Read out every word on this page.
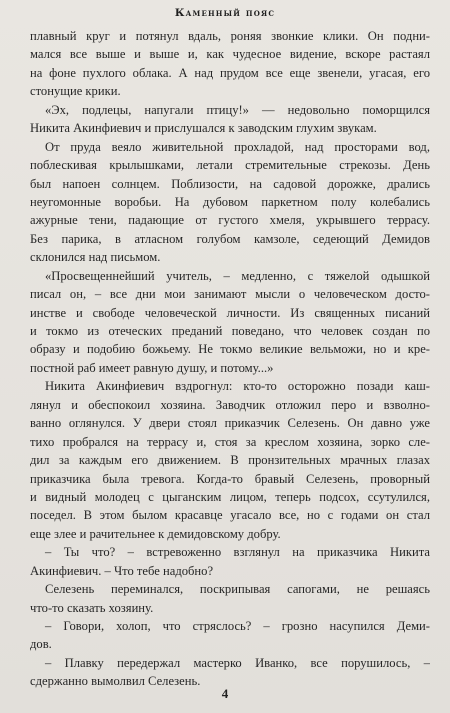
Каменный пояс
плавный круг и потянул вдаль, роняя звонкие клики. Он подни-
мался все выше и выше и, как чудесное видение, вскоре растаял
на фоне пухлого облака. А над прудом все еще звенели, угасая, его
стонущие крики.
«Эх, подлецы, напугали птицу!» — недовольно поморщился
Никита Акинфиевич и прислушался к заводским глухим звукам.
От пруда веяло живительной прохладой, над просторами вод,
поблескивая крылышками, летали стремительные стрекозы. День
был напоен солнцем. Поблизости, на садовой дорожке, дрались
неугомонные воробьи. На дубовом паркетном полу колебались
ажурные тени, падающие от густого хмеля, укрывшего террасу.
Без парика, в атласном голубом камзоле, седеющий Демидов
склонился над письмом.
«Просвещеннейший учитель, – медленно, с тяжелой одышкой
писал он, – все дни мои занимают мысли о человеческом досто-
инстве и свободе человеческой личности. Из священных писаний
и токмо из отеческих преданий поведано, что человек создан по
образу и подобию божьему. Не токмо великие вельможи, но и кре-
постной раб имеет равную душу, и потому...»
Никита Акинфиевич вздрогнул: кто-то осторожно позади каш-
лянул и обеспокоил хозяина. Заводчик отложил перо и взволно-
ванно оглянулся. У двери стоял приказчик Селезень. Он давно уже
тихо пробрался на террасу и, стоя за креслом хозяина, зорко сле-
дил за каждым его движением. В пронзительных мрачных глазах
приказчика была тревога. Когда-то бравый Селезень, проворный
и видный молодец с цыганским лицом, теперь подсох, ссутулился,
поседел. В этом былом красавце угасало все, но с годами он стал
еще злее и рачительнее к демидовскому добру.
– Ты что? – встревоженно взглянул на приказчика Никита
Акинфиевич. – Что тебе надобно?
Селезень переминался, поскрипывая сапогами, не решаясь
что-то сказать хозяину.
– Говори, холоп, что стряслось? – грозно насупился Деми-
дов.
– Плавку передержал мастерко Иванко, все порушилось, –
сдержанно вымолвил Селезень.
4
